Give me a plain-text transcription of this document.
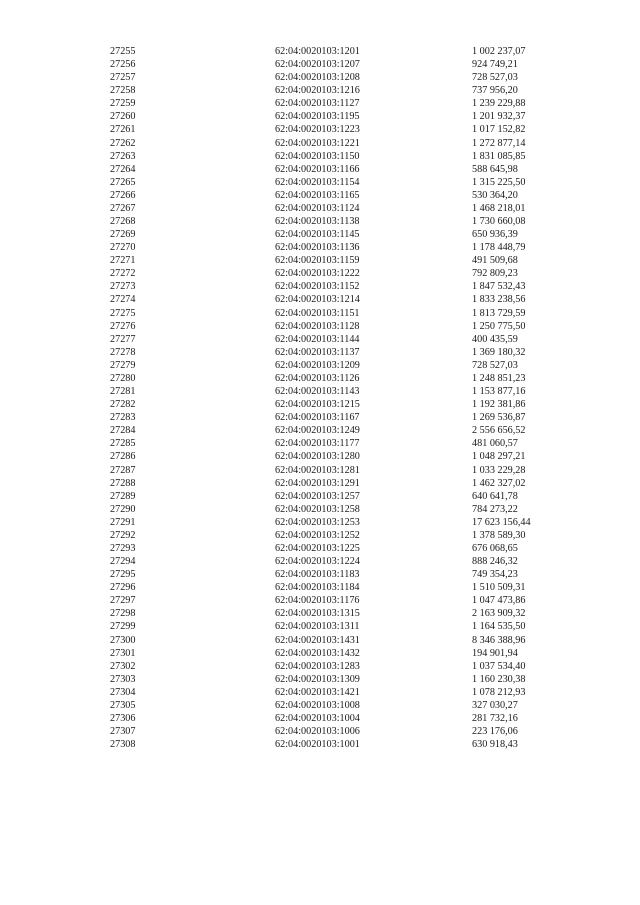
27255	62:04:0020103:1201	1 002 237,07
27256	62:04:0020103:1207	924 749,21
27257	62:04:0020103:1208	728 527,03
27258	62:04:0020103:1216	737 956,20
27259	62:04:0020103:1127	1 239 229,88
27260	62:04:0020103:1195	1 201 932,37
27261	62:04:0020103:1223	1 017 152,82
27262	62:04:0020103:1221	1 272 877,14
27263	62:04:0020103:1150	1 831 085,85
27264	62:04:0020103:1166	588 645,98
27265	62:04:0020103:1154	1 315 225,50
27266	62:04:0020103:1165	530 364,20
27267	62:04:0020103:1124	1 468 218,01
27268	62:04:0020103:1138	1 730 660,08
27269	62:04:0020103:1145	650 936,39
27270	62:04:0020103:1136	1 178 448,79
27271	62:04:0020103:1159	491 509,68
27272	62:04:0020103:1222	792 809,23
27273	62:04:0020103:1152	1 847 532,43
27274	62:04:0020103:1214	1 833 238,56
27275	62:04:0020103:1151	1 813 729,59
27276	62:04:0020103:1128	1 250 775,50
27277	62:04:0020103:1144	400 435,59
27278	62:04:0020103:1137	1 369 180,32
27279	62:04:0020103:1209	728 527,03
27280	62:04:0020103:1126	1 248 851,23
27281	62:04:0020103:1143	1 153 877,16
27282	62:04:0020103:1215	1 192 381,86
27283	62:04:0020103:1167	1 269 536,87
27284	62:04:0020103:1249	2 556 656,52
27285	62:04:0020103:1177	481 060,57
27286	62:04:0020103:1280	1 048 297,21
27287	62:04:0020103:1281	1 033 229,28
27288	62:04:0020103:1291	1 462 327,02
27289	62:04:0020103:1257	640 641,78
27290	62:04:0020103:1258	784 273,22
27291	62:04:0020103:1253	17 623 156,44
27292	62:04:0020103:1252	1 378 589,30
27293	62:04:0020103:1225	676 068,65
27294	62:04:0020103:1224	888 246,32
27295	62:04:0020103:1183	749 354,23
27296	62:04:0020103:1184	1 510 509,31
27297	62:04:0020103:1176	1 047 473,86
27298	62:04:0020103:1315	2 163 909,32
27299	62:04:0020103:1311	1 164 535,50
27300	62:04:0020103:1431	8 346 388,96
27301	62:04:0020103:1432	194 901,94
27302	62:04:0020103:1283	1 037 534,40
27303	62:04:0020103:1309	1 160 230,38
27304	62:04:0020103:1421	1 078 212,93
27305	62:04:0020103:1008	327 030,27
27306	62:04:0020103:1004	281 732,16
27307	62:04:0020103:1006	223 176,06
27308	62:04:0020103:1001	630 918,43
